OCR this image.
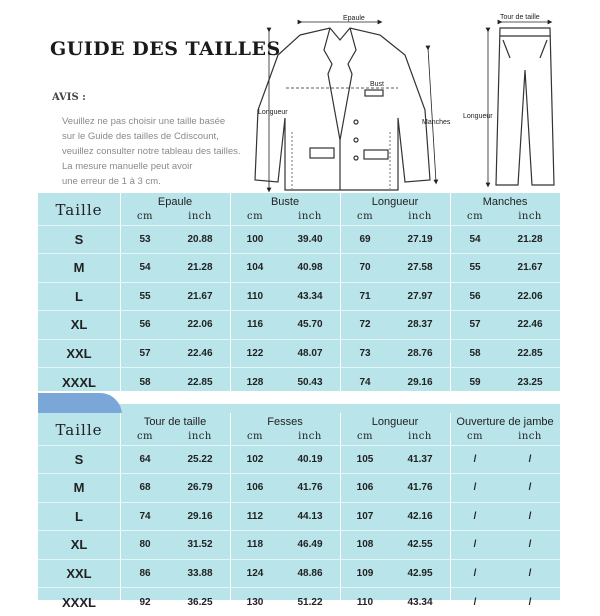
GUIDE DES TAILLES
AVIS :
Veuillez ne pas choisir une taille basée
sur le Guide des tailles de Cdiscount,
veuillez consulter notre tableau des tailles.
La mesure manuelle peut avoir
une erreur de 1 à 3 cm.
Epaule
Bust
Longueur
Manches
Tour de taille
Longueur
Taille	Epaule		Buste		Longueur		Manches	
	cm	inch	cm	inch	cm	inch	cm	inch
S	53	20.88	100	39.40	69	27.19	54	21.28
M	54	21.28	104	40.98	70	27.58	55	21.67
L	55	21.67	110	43.34	71	27.97	56	22.06
XL	56	22.06	116	45.70	72	28.37	57	22.46
XXL	57	22.46	122	48.07	73	28.76	58	22.85
XXXL	58	22.85	128	50.43	74	29.16	59	23.25
Taille	Tour de taille		Fesses		Longueur		Ouverture de jambe	
	cm	inch	cm	inch	cm	inch	cm	inch
S	64	25.22	102	40.19	105	41.37	/	/
M	68	26.79	106	41.76	106	41.76	/	/
L	74	29.16	112	44.13	107	42.16	/	/
XL	80	31.52	118	46.49	108	42.55	/	/
XXL	86	33.88	124	48.86	109	42.95	/	/
XXXL	92	36.25	130	51.22	110	43.34	/	/
